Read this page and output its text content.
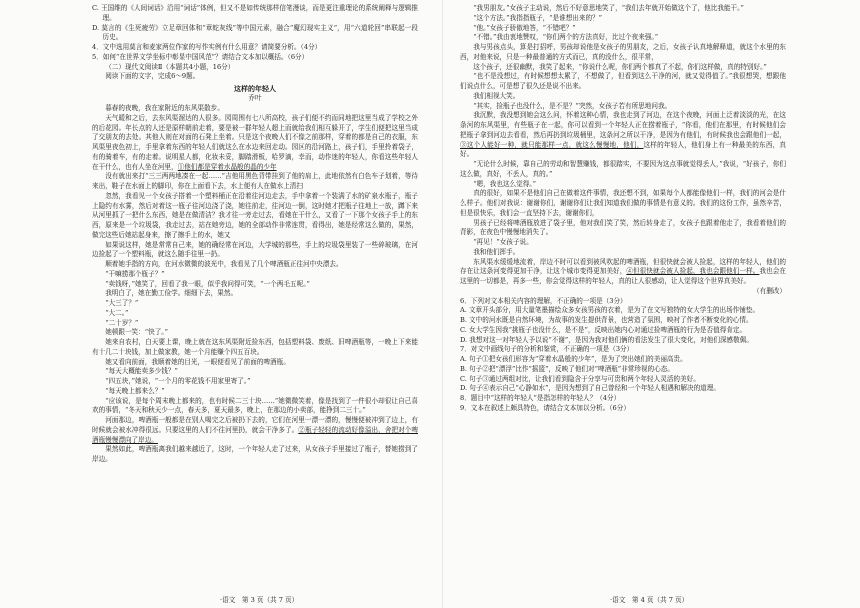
C. 王国维的《人间词话》沿用“词话”体例，但又不是如传统那样信笔漫谈，而是更注重理论的系统阐释与逻辑推理。

D. 莫言的《生死疲劳》立足章回体和“章蛇灰线”等中国元素，融合“魔幻现实主义”，用“六道轮回”串联起一段历史。

4．文中选用莫言和麦家两位作家的写作实例有什么用意？请简要分析。（4分）

5．如何“在世界文学坐标中彰显中国风范”？请结合文本加以概括。（6分）

（二）现代文阅读Ⅱ（本题共4小题，16分）

阅读下面的文字，完成6～9题。

这样的年轻人

乔叶

暮春的夜晚，我在家附近的东风渠散步。

天气暖和之后，去东风渠溜达的人很多。园周围有七八所高校，孩子们便不约而同地把这里当成了学校之外的后花园。年长点的人还是原样朝前走着，要是被一群年轻人超上而就给我们相互躲开了，学生们便把这里当成了交朋友的去处。其他人则在对面的石凳上坐着。只是这个夜晚人们不像之前那样，穿着的都是自己的衣服，东风渠里夜色初上，手里拿着东西的年轻人们就这么在水边来回走动。园区的沿河路上，孩子们，手里拎着袋子，有的骑着车，有的走着。说明星人都，化妆未妥，脚踏滑板，哈罗滴，幸而，动作迷的年轻人，你看这些年轻人在干什么，也有人坐在河里，①他们都是穿着水晶般的晶的少年

没有就出来打“三三两两地凑在一起……”吉他用黑色背带挂到了他的肩上，此地依然有白色车子划着，等待来出，鞋子在水面上的脚印，你在上面看下去，水上便有人在做水上清扫

忽然，我看见一个女孩子搭着一个塑料桶正在沿着往河边走去，手中拿着一个装满了水的矿泉水瓶子，瓶子上隐约有水雾，然后对着这一瓶子往河边浇了浇，她往前走，往河边一倒，这时她才把瓶子往地上一放，蹲下来从河里抓了一把什么东西，她是在做清洁？我才往一旁走过去，看她在干什么，又看了一下那个女孩子手上的东西，原来是一个垃圾袋，我走过去，站在她旁边，她的全部动作非常连贯，看得出，她是经常这么做的，果然，做完这些后她站起身来，擦了擦手上的水，她又

如果说这样，她是常常自己来，她的确经常在河边，大学城的那些，手上的垃圾袋里装了一些碎玻璃，在河边捡起了一个塑料瓶，就这么随手往里一扔。

顺着她手指的方向，在河水微微的波光中，我看见了几个啤酒瓶正往河中央漂去。

“干嘛捞那个瓶子？”

“卖钱呀，”她笑了，回看了我一眼，似乎我问得可笑，“一个两毛五呢。”

我明白了，她在勤工俭学。细细下去，果然。

“大三了？”

“大二。”

“二十岁？”

她顿跟一笑：“快了。”

她来自农村，白天要上课，晚上就在这东风渠附近捡东西，包括塑料袋、废纸、旧啤酒瓶等，一晚上下来能有十几二十块钱，加上做家教，她一个月能赚个四五百块。

她又看向前面，我顺着她的目光，一眼便看见了前面的啤酒瓶。

“每天大概能卖多少钱？”

“四五块，”她说，“一个月的零花钱不用家里寄了。”

“每天晚上都来么？”

“应该说，是每个周末晚上都来的，也有时候二三十块……”她微微笑着，像是找到了一件很小却很让自己喜欢的事情，“冬天和秋天少一点，春天多，夏天最多，晚上，在那边的小卖部，能挣到二三十。”

河面那边，啤酒瓶一般都是在别人喝完之后被扔下去的，它们在河里一漂一漂的，慢慢便被冲到了边上，有时候就会被水冲得很远。只要这里的人们不往河里扔，就会干净多了。②瓶子轻轻的流动好像溢出，舍把对个啤酒瓶慢慢漂向了岸边。

果然如此，啤酒瓶离我们越来越近了，这时，一个年轻人走了过来，从女孩子手里接过了瓶子，替她捞到了岸边。

“我男朋友。”女孩子主动说，然后不好意思地笑了，“我们去年就开始做这个了，他比我能干。”

“这个方法。”我指指瓶子，“是谁想出来的？”

“他。”女孩子骄傲地答，“不错吧？”

“不错。”我由衷地赞叹，“你们两个的方法真好，比过个夜来强。”

我与男孩点头，算是打招呼，男孩却说他是女孩子的男朋友，之后，女孩子认真地解释道，就这个水里的东西，对他来说，只是一种最普通的方式而已，真的没什么，很平常，

这个孩子，还很幽默，我笑了起来，“你说什么呢，你们两个都真了不起，你们这样做，真的特别好。”

“也不是没想过，有时候想想太累了，不想做了，但看到这么干净的河，就又觉得值了。”我很想哭，想跟他们说点什么，可是想了很久还是说不出来。

我们相视大笑。

“其实，捡瓶子也没什么，是不是？”突然，女孩子若有所思地问我。

我沉默，我没想到她会这么问，怀着这种心情，我也走到了河边，在这个夜晚，河面上泛着淡淡的光，在这条河的东风渠里，有些瓶子在一起，你可以看到一个年轻人正在捞着瓶子，“你看，他们在那里，有时候他们会把瓶子拿到河边去看看，然后再扔到垃圾桶里，这条河之所以干净，是因为有他们，有时候我也会跟他们一起，③这个人能好一种，就只能那样一点，就这么慢慢地，他们，这样的年轻人，他们身上有一种最美的东西，真好。

“无论什么时候，靠自己的劳动和智慧赚钱，都很踏实，不要因为这点事就觉得丢人，”我说，“好孩子，你们这么做，真好，不丢人，真的。”

“嗯，我也这么觉得。”

真的很好，如果不是他们自己在做着这件事情，我还想不到，如果每个人都能像他们一样，我们的河会是什么样子。他们对我说：谢谢你们，谢谢你们让我们知道我们做的事情是有意义的。我们的这份工作，虽然辛苦，但是很快乐，我们会一直坚持下去，谢谢你们，

男孩子已经将啤酒瓶放进了袋子里，他对我们笑了笑，然后转身走了，女孩子也跟着他走了，我看着他们的背影，在夜色中慢慢地消失了。

“再见！”女孩子说。

我和他们挥手。

东风渠水缓缓地流着，岸边不时可以看到被风吹起的啤酒瓶，但很快就会被人捡起，这样的年轻人，他们的存在让这条河变得更加干净，让这个城市变得更加美好，④但很快就会被人捡起，我也会跟他们一样。我也会在这里的一切都是，再多一些，你会觉得这样的年轻人，真的让人很感动，让人觉得这个世界真美好。

（有删改）

6．下列对文本相关内容的理解，不正确的一项是（3分）

A. 文章开头部分，用大量笔墨描绘众多女孩男孩的衣着，是为了在文写独特的女大学生的出场作铺垫。

B. 文中的河水既是自然环境，为故事的发生提供背景，也营造了氛围，映衬了作者不断变化的心情。

C. 女大学生因我“挑瓶子也没什么，是不是”，反映出她内心对通过捡啤酒瓶的行为是否值得肯定。

D. 我想对这一对年轻人予以说“不谢”，是因为我对他们俩的看法发生了很大变化，对他们深感敬佩。

7．对文中画线句子的分析和鉴赏，不正确的一项是（3分）

A. 句子①把女孩们形容为“穿着水晶般的少年”，是为了突出她们的美丽高贵。

B. 句子②把“漂浮”比作“摇篮”，反映了他们对“啤酒瓶”非常珍视的心态。

C. 句子③通过两组对比，让我们看到隐含于分享与可贵和两个年轻人灵活的美好。

D. 句子④表示自己“心静如水”，是因为想到了自己曾经和一个年轻人相遇和解决的道理。

8．题目中“这样的年轻人”是指怎样的年轻人？（4分）

9．文本在叙述上颇具特色，请结合文本加以分析。（6分）

·语文　第 3 页（共 7 页）	·语文　第 4 页（共 7 页）
